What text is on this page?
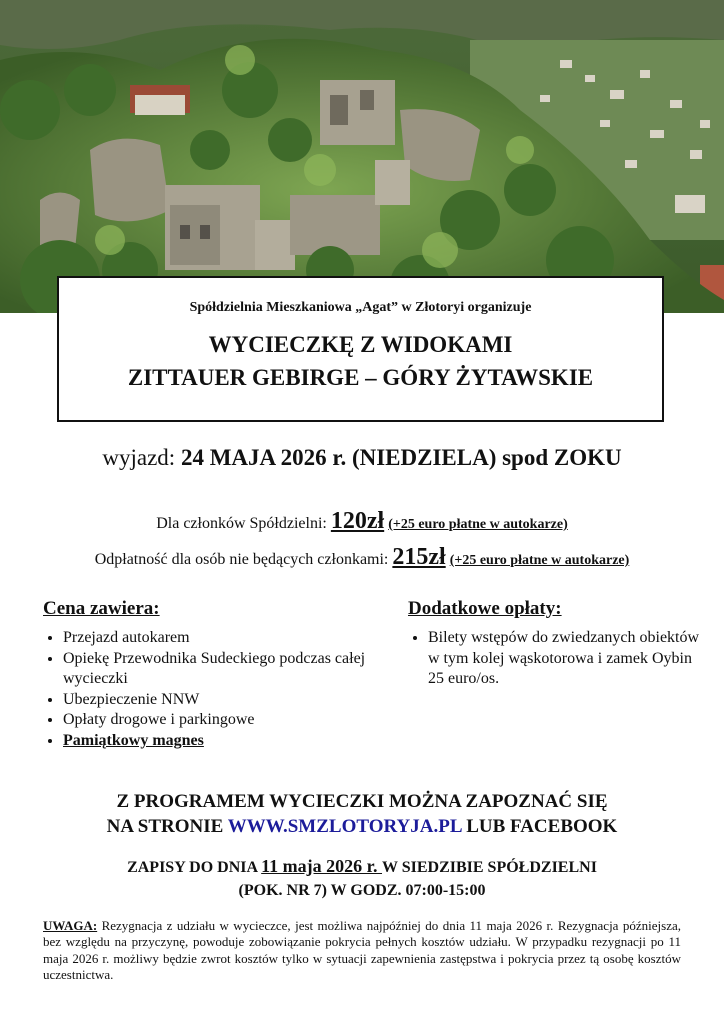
Spółdzielnia Mieszkaniowa „Agat” w Złotoryi organizuje
WYCIECZKĘ Z WIDOKAMI
ZITTAUER GEBIRGE – GÓRY ŻYTAWSKIE
wyjazd: 24 MAJA 2026 r. (NIEDZIELA) spod ZOKU
Dla członków Spółdzielni: 120zł (+25 euro płatne w autokarze)
Odpłatność dla osób nie będących członkami: 215zł (+25 euro płatne w autokarze)
Cena zawiera:
• Przejazd autokarem
• Opiekę Przewodnika Sudeckiego podczas całej wycieczki
• Ubezpieczenie NNW
• Opłaty drogowe i parkingowe
• Pamiątkowy magnes
Dodatkowe opłaty:
• Bilety wstępów do zwiedzanych obiektów w tym kolej wąskotorowa i zamek Oybin 25 euro/os.
Z PROGRAMEM WYCIECZKI MOŻNA ZAPOZNAĆ SIĘ
NA STRONIE WWW.SMZLOTORYJA.PL LUB FACEBOOK
ZAPISY DO DNIA 11 maja 2026 r. W SIEDZIBIE SPÓŁDZIELNI
(POK. NR 7) W GODZ. 07:00-15:00
UWAGA: Rezygnacja z udziału w wycieczce, jest możliwa najpóźniej do dnia 11 maja 2026 r. Rezygnacja późniejsza, bez względu na przyczynę, powoduje zobowiązanie pokrycia pełnych kosztów udziału. W przypadku rezygnacji po 11 maja 2026 r. możliwy będzie zwrot kosztów tylko w sytuacji zapewnienia zastępstwa i pokrycia przez tą osobę kosztów uczestnictwa.
